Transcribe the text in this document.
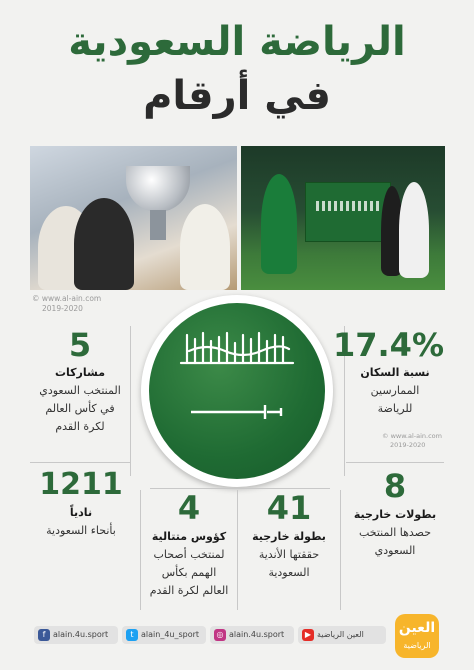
الرياضة السعودية
في أرقام
© www.al-ain.com
2019-2020
© www.al-ain.com
2019-2020
17.4%
نسبة السكان
الممارسين
للرياضة
5
مشاركات
المنتخب السعودي
في كأس العالم
لكرة القدم
1211
نادياً
بأنحاء السعودية
4
كؤوس متتالية
لمنتخب أصحاب
الهمم بكأس
العالم لكرة القدم
41
بطولة خارجية
حققتها الأندية
السعودية
8
بطولات خارجية
حصدها المنتخب
السعودي
f alain.4u.sport	t alain_4u_sport	◎ alain.4u.sport	▶ العين الرياضية	العين
الرياضية
